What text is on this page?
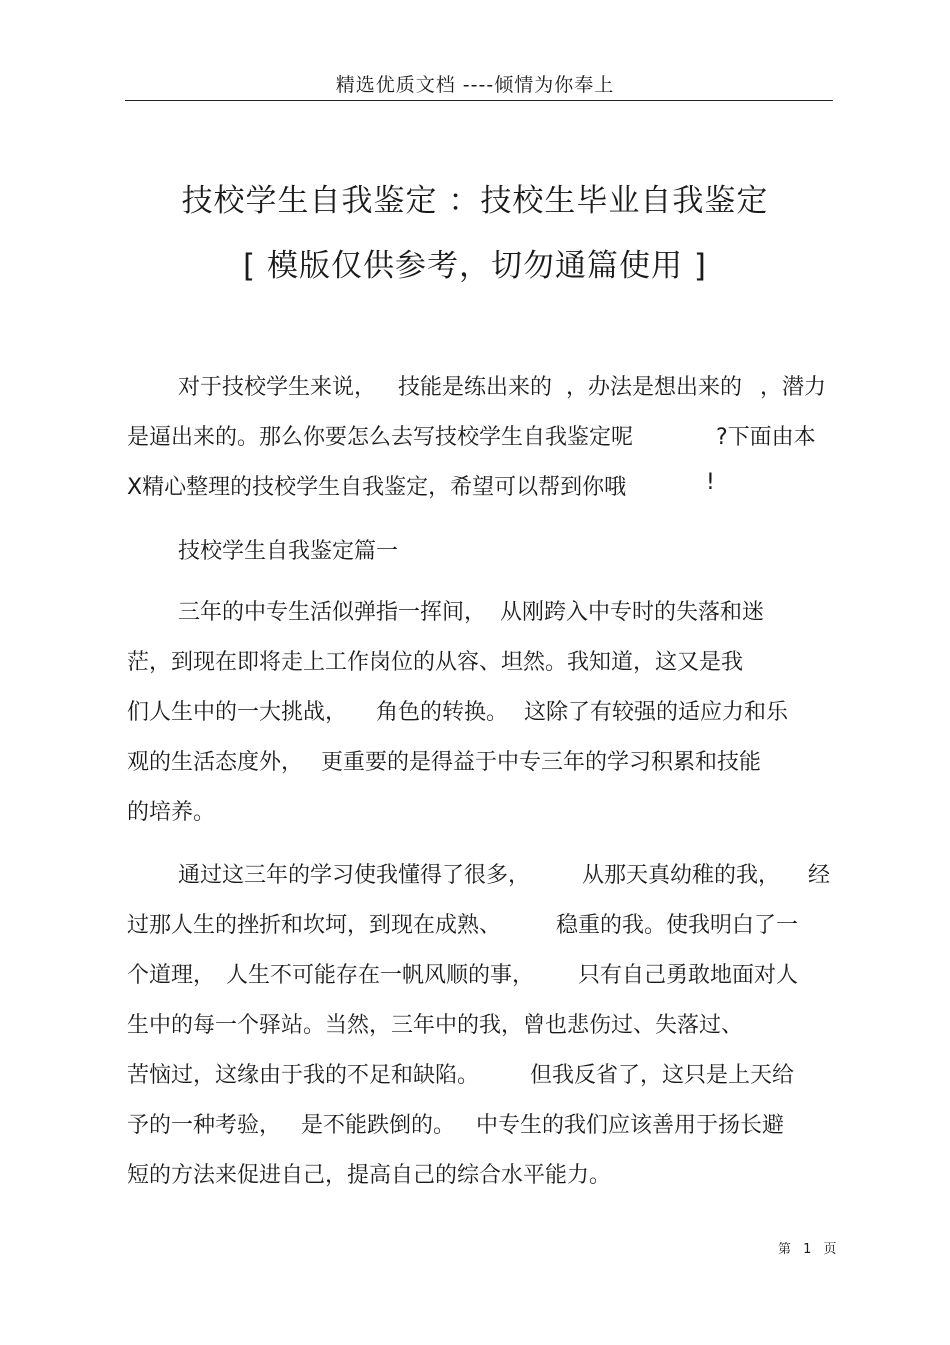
精选优质文档 ----倾情为你奉上
技校学生自我鉴定 ：技校生毕业自我鉴定
[ 模版仅供参考，切勿通篇使用 ]
对于技校学生来说， 技能是练出来的 ，办法是想出来的 ，潜力
是逼出来的。那么你要怎么去写技校学生自我鉴定呢	?下面由本
X精心整理的技校学生自我鉴定，希望可以帮到你哦	!
技校学生自我鉴定篇一
三年的中专生活似弹指一挥间， 从刚跨入中专时的失落和迷
茫，到现在即将走上工作岗位的从容、坦然。我知道，这又是我
们人生中的一大挑战， 角色的转换。 这除了有较强的适应力和乐
观的生活态度外， 更重要的是得益于中专三年的学习积累和技能
的培养。
通过这三年的学习使我懂得了很多， 从那天真幼稚的我， 经
过那人生的挫折和坎坷，到现在成熟、 稳重的我。使我明白了一
个道理， 人生不可能存在一帆风顺的事， 只有自己勇敢地面对人
生中的每一个驿站。当然，三年中的我，曾也悲伤过、失落过、
苦恼过，这缘由于我的不足和缺陷。 但我反省了，这只是上天给
予的一种考验， 是不能跌倒的。 中专生的我们应该善用于扬长避
短的方法来促进自己，提高自己的综合水平能力。
第 1 页
